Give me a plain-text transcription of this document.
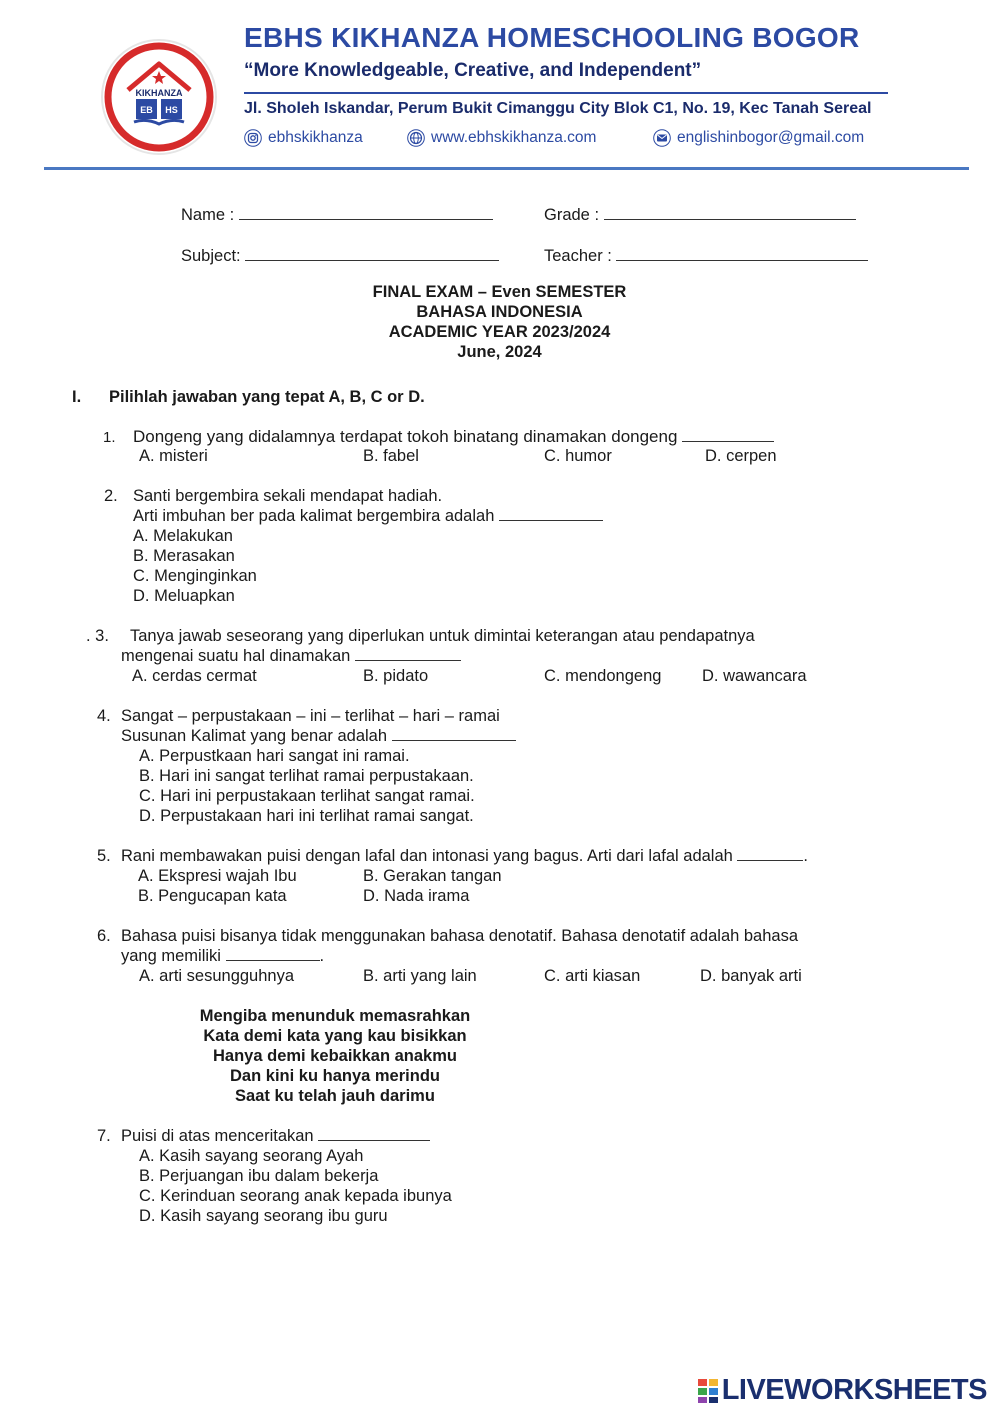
KIKHANZA
EB HS
EBHS KIKHANZA HOMESCHOOLING BOGOR
“More Knowledgeable, Creative, and Independent”
Jl. Sholeh Iskandar, Perum Bukit Cimanggu City Blok C1, No. 19, Kec Tanah Sereal
ebhskikhanza	www.ebhskikhanza.com	englishinbogor@gmail.com
Name :	Grade :
Subject:	Teacher :
FINAL EXAM – Even SEMESTER
BAHASA INDONESIA
ACADEMIC YEAR 2023/2024
June, 2024
I. Pilihlah jawaban yang tepat A, B, C or D.
1. Dongeng yang didalamnya terdapat tokoh binatang dinamakan dongeng
A. misteri	B. fabel	C. humor	D. cerpen
2. Santi bergembira sekali mendapat hadiah.
Arti imbuhan ber pada kalimat bergembira adalah
A. Melakukan
B. Merasakan
C. Menginginkan
D. Meluapkan
. 3. Tanya jawab seseorang yang diperlukan untuk dimintai keterangan atau pendapatnya
mengenai suatu hal dinamakan
A. cerdas cermat	B. pidato	C. mendongeng D. wawancara
4. Sangat – perpustakaan – ini – terlihat – hari – ramai
Susunan Kalimat yang benar adalah
A. Perpustkaan hari sangat ini ramai.
B. Hari ini sangat terlihat ramai perpustakaan.
C. Hari ini perpustakaan terlihat sangat ramai.
D. Perpustakaan hari ini terlihat ramai sangat.
5. Rani membawakan puisi dengan lafal dan intonasi yang bagus. Arti dari lafal adalah	.
A. Ekspresi wajah Ibu	B. Gerakan tangan
B. Pengucapan kata	D. Nada irama
6. Bahasa puisi bisanya tidak menggunakan bahasa denotatif. Bahasa denotatif adalah bahasa
yang memiliki	.
A. arti sesungguhnya	B. arti yang lain	C. arti kiasan	D. banyak arti
Mengiba menunduk memasrahkan
Kata demi kata yang kau bisikkan
Hanya demi kebaikkan anakmu
Dan kini ku hanya merindu
Saat ku telah jauh darimu
7. Puisi di atas menceritakan
A. Kasih sayang seorang Ayah
B. Perjuangan ibu dalam bekerja
C. Kerinduan seorang anak kepada ibunya
D. Kasih sayang seorang ibu guru
LIVEWORKSHEETS
